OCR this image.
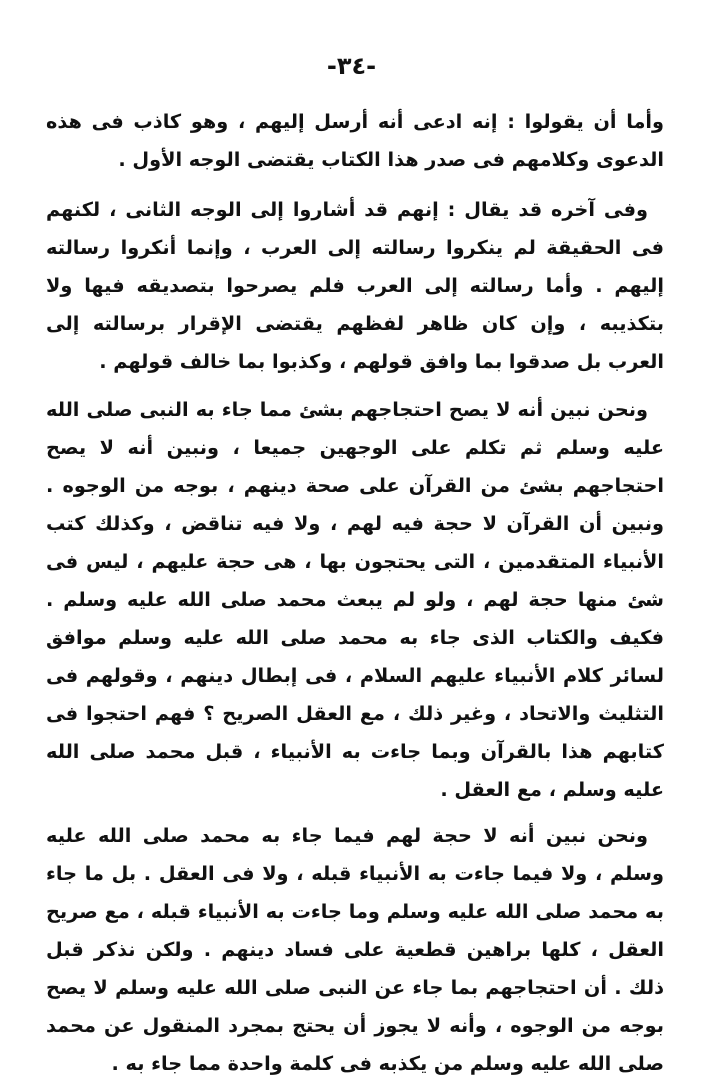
-٣٤-

وأما أن يقولوا : إنه ادعى أنه أرسل إليهم ، وهو كاذب فى هذه الدعوى وكلامهم فى صدر هذا الكتاب يقتضى الوجه الأول .

وفى آخره قد يقال : إنهم قد أشاروا إلى الوجه الثانى ، لكنهم فى الحقيقة لم ينكروا رسالته إلى العرب ، وإنما أنكروا رسالته إليهم . وأما رسالته إلى العرب فلم يصرحوا بتصديقه فيها ولا بتكذيبه ، وإن كان ظاهر لفظهم يقتضى الإقرار برسالته إلى العرب بل صدقوا بما وافق قولهم ، وكذبوا بما خالف قولهم .

ونحن نبين أنه لا يصح احتجاجهم بشئ مما جاء به النبى صلى الله عليه وسلم ثم تكلم على الوجهين جميعا ، ونبين أنه لا يصح احتجاجهم بشئ من القرآن على صحة دينهم ، بوجه من الوجوه . ونبين أن القرآن لا حجة فيه لهم ، ولا فيه تناقض ، وكذلك كتب الأنبياء المتقدمين ، التى يحتجون بها ، هى حجة عليهم ، ليس فى شئ منها حجة لهم ، ولو لم يبعث محمد صلى الله عليه وسلم . فكيف والكتاب الذى جاء به محمد صلى الله عليه وسلم موافق لسائر كلام الأنبياء عليهم السلام ، فى إبطال دينهم ، وقولهم فى التثليث والاتحاد ، وغير ذلك ، مع العقل الصريح ؟ فهم احتجوا فى كتابهم هذا بالقرآن وبما جاءت به الأنبياء ، قبل محمد صلى الله عليه وسلم ، مع العقل .

ونحن نبين أنه لا حجة لهم فيما جاء به محمد صلى الله عليه وسلم ، ولا فيما جاءت به الأنبياء قبله ، ولا فى العقل . بل ما جاء به محمد صلى الله عليه وسلم وما جاءت به الأنبياء قبله ، مع صريح العقل ، كلها براهين قطعية على فساد دينهم . ولكن نذكر قبل ذلك . أن احتجاجهم بما جاء عن النبى صلى الله عليه وسلم لا يصح بوجه من الوجوه ، وأنه لا يجوز أن يحتج بمجرد المنقول عن محمد صلى الله عليه وسلم من يكذبه فى كلمة واحدة مما جاء به .
